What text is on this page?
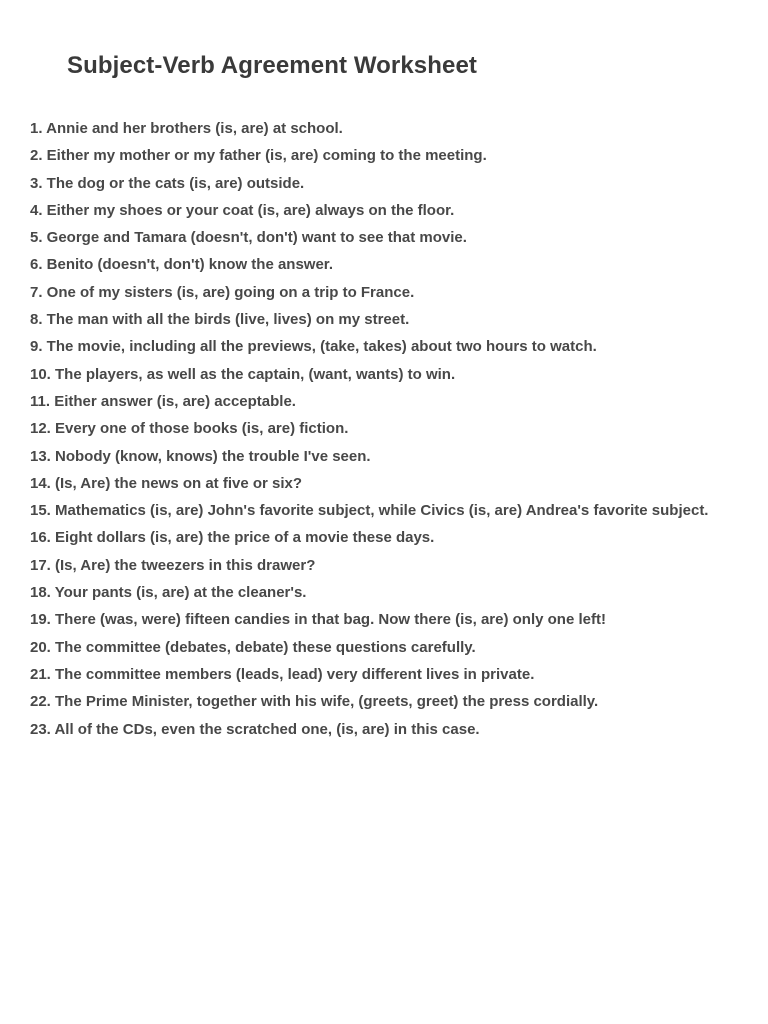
Subject-Verb Agreement Worksheet
1. Annie and her brothers (is, are) at school.
2. Either my mother or my father (is, are) coming to the meeting.
3. The dog or the cats (is, are) outside.
4. Either my shoes or your coat (is, are) always on the floor.
5. George and Tamara (doesn't, don't) want to see that movie.
6. Benito (doesn't, don't) know the answer.
7. One of my sisters (is, are) going on a trip to France.
8. The man with all the birds (live, lives) on my street.
9. The movie, including all the previews, (take, takes) about two hours to watch.
10. The players, as well as the captain, (want, wants) to win.
11. Either answer (is, are) acceptable.
12. Every one of those books (is, are) fiction.
13. Nobody (know, knows) the trouble I've seen.
14. (Is, Are) the news on at five or six?
15. Mathematics (is, are) John's favorite subject, while Civics (is, are) Andrea's favorite subject.
16. Eight dollars (is, are) the price of a movie these days.
17. (Is, Are) the tweezers in this drawer?
18. Your pants (is, are) at the cleaner's.
19. There (was, were) fifteen candies in that bag. Now there (is, are) only one left!
20. The committee (debates, debate) these questions carefully.
21. The committee members (leads, lead) very different lives in private.
22. The Prime Minister, together with his wife, (greets, greet) the press cordially.
23. All of the CDs, even the scratched one, (is, are) in this case.
